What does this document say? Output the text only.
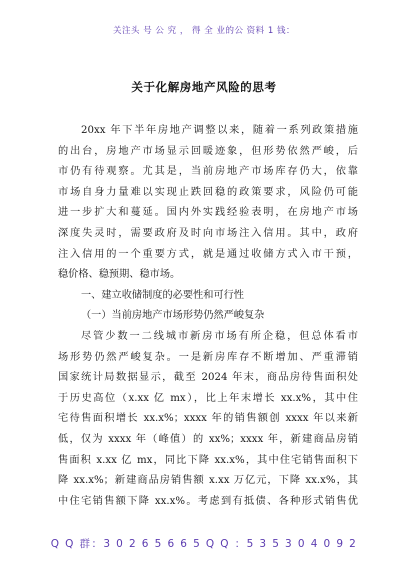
关注头 号 公 究 ， 得 全 业的公 资料 1 钱：
关于化解房地产风险的思考
20xx 年下半年房地产调整以来，随着一系列政策措施
的出台，房地产市场显示回暖迹象，但形势依然严峻，后
市仍有待观察。尤其是，当前房地产市场库存仍大，依靠
市场自身力量难以实现止跌回稳的政策要求，风险仍可能
进一步扩大和蔓延。国内外实践经验表明，在房地产市场
深度失灵时，需要政府及时向市场注入信用。其中，政府
注入信用的一个重要方式，就是通过收储方式入市干预，
稳价格、稳预期、稳市场。
一、建立收储制度的必要性和可行性
（一）当前房地产市场形势仍然严峻复杂
尽管少数一二线城市新房市场有所企稳，但总体看市
场形势仍然严峻复杂。一是新房库存不断增加、严重滞销
国家统计局数据显示，截至 2024 年末，商品房待售面积处
于历史高位（x.xx 亿 mx），比上年末增长 xx.x%，其中住
宅待售面积增长 xx.x%；xxxx 年的销售额创 xxxx 年以来新
低，仅为 xxxx 年（峰值）的 xx%；xxxx 年，新建商品房销
售面积 x.xx 亿 mx，同比下降 xx.x%，其中住宅销售面积下
降 xx.x%；新建商品房销售额 x.xx 万亿元，下降 xx.x%，其
中住宅销售额下降 xx.x%。考虑到有抵债、各种形式销售优
Q Q 群：3 0 2 6 5 6 6 5 Q Q ：5 3 5 3 0 4 0 9 2
